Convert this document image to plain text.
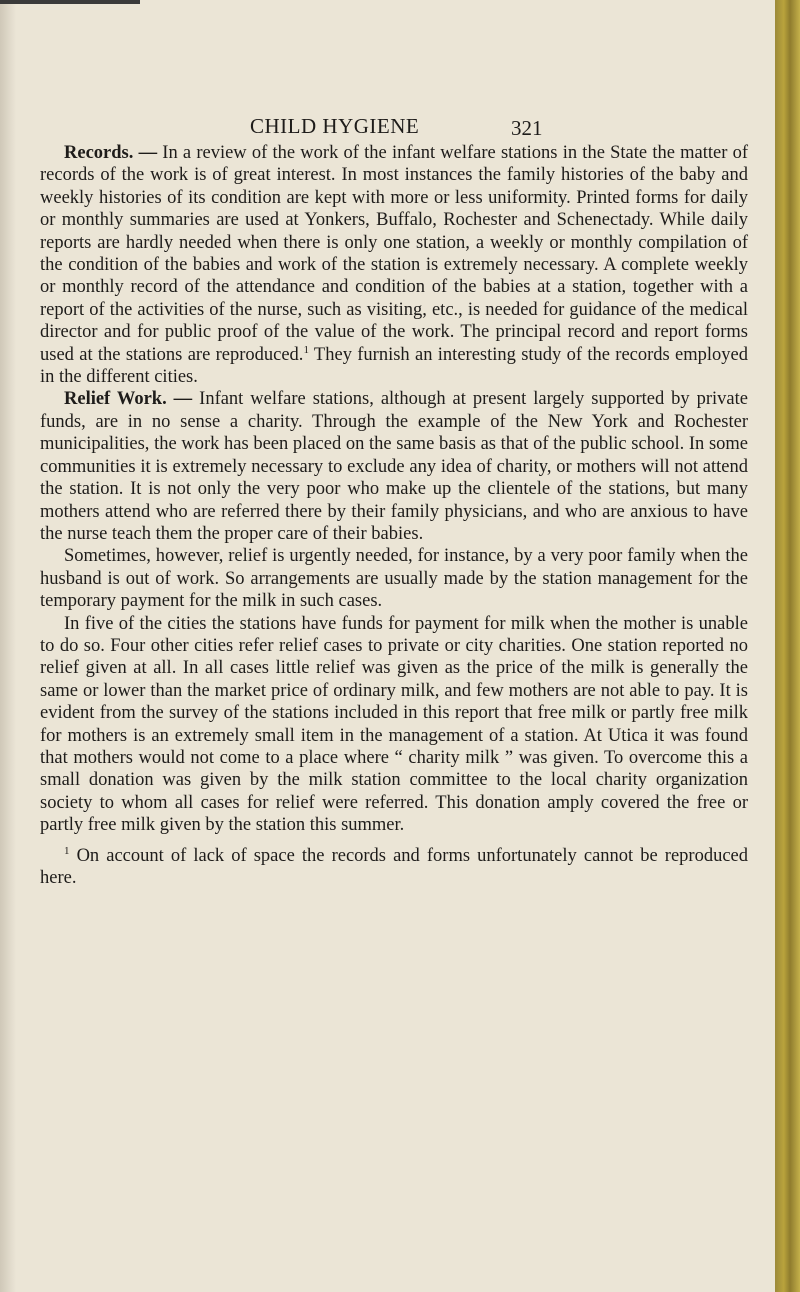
CHILD HYGIENE	321

Records. — In a review of the work of the infant welfare stations in the State the matter of records of the work is of great interest. In most instances the family histories of the baby and weekly histories of its condition are kept with more or less uniformity. Printed forms for daily or monthly summaries are used at Yonkers, Buffalo, Rochester and Schenectady. While daily reports are hardly needed when there is only one station, a weekly or monthly compilation of the condition of the babies and work of the station is extremely necessary. A complete weekly or monthly record of the attendance and condition of the babies at a station, together with a report of the activities of the nurse, such as visiting, etc., is needed for guidance of the medical director and for public proof of the value of the work. The principal record and report forms used at the stations are reproduced.$^1$ They furnish an interesting study of the records employed in the different cities.

Relief Work. — Infant welfare stations, although at present largely supported by private funds, are in no sense a charity. Through the example of the New York and Rochester municipalities, the work has been placed on the same basis as that of the public school. In some communities it is extremely necessary to exclude any idea of charity, or mothers will not attend the station. It is not only the very poor who make up the clientele of the stations, but many mothers attend who are referred there by their family physicians, and who are anxious to have the nurse teach them the proper care of their babies.

Sometimes, however, relief is urgently needed, for instance, by a very poor family when the husband is out of work. So arrangements are usually made by the station management for the temporary payment for the milk in such cases.

In five of the cities the stations have funds for payment for milk when the mother is unable to do so. Four other cities refer relief cases to private or city charities. One station reported no relief given at all. In all cases little relief was given as the price of the milk is generally the same or lower than the market price of ordinary milk, and few mothers are not able to pay. It is evident from the survey of the stations included in this report that free milk or partly free milk for mothers is an extremely small item in the management of a station. At Utica it was found that mothers would not come to a place where “ charity milk ” was given. To overcome this a small donation was given by the milk station committee to the local charity organization society to whom all cases for relief were referred. This donation amply covered the free or partly free milk given by the station this summer.

$^1$ On account of lack of space the records and forms unfortunately cannot be reproduced here.
